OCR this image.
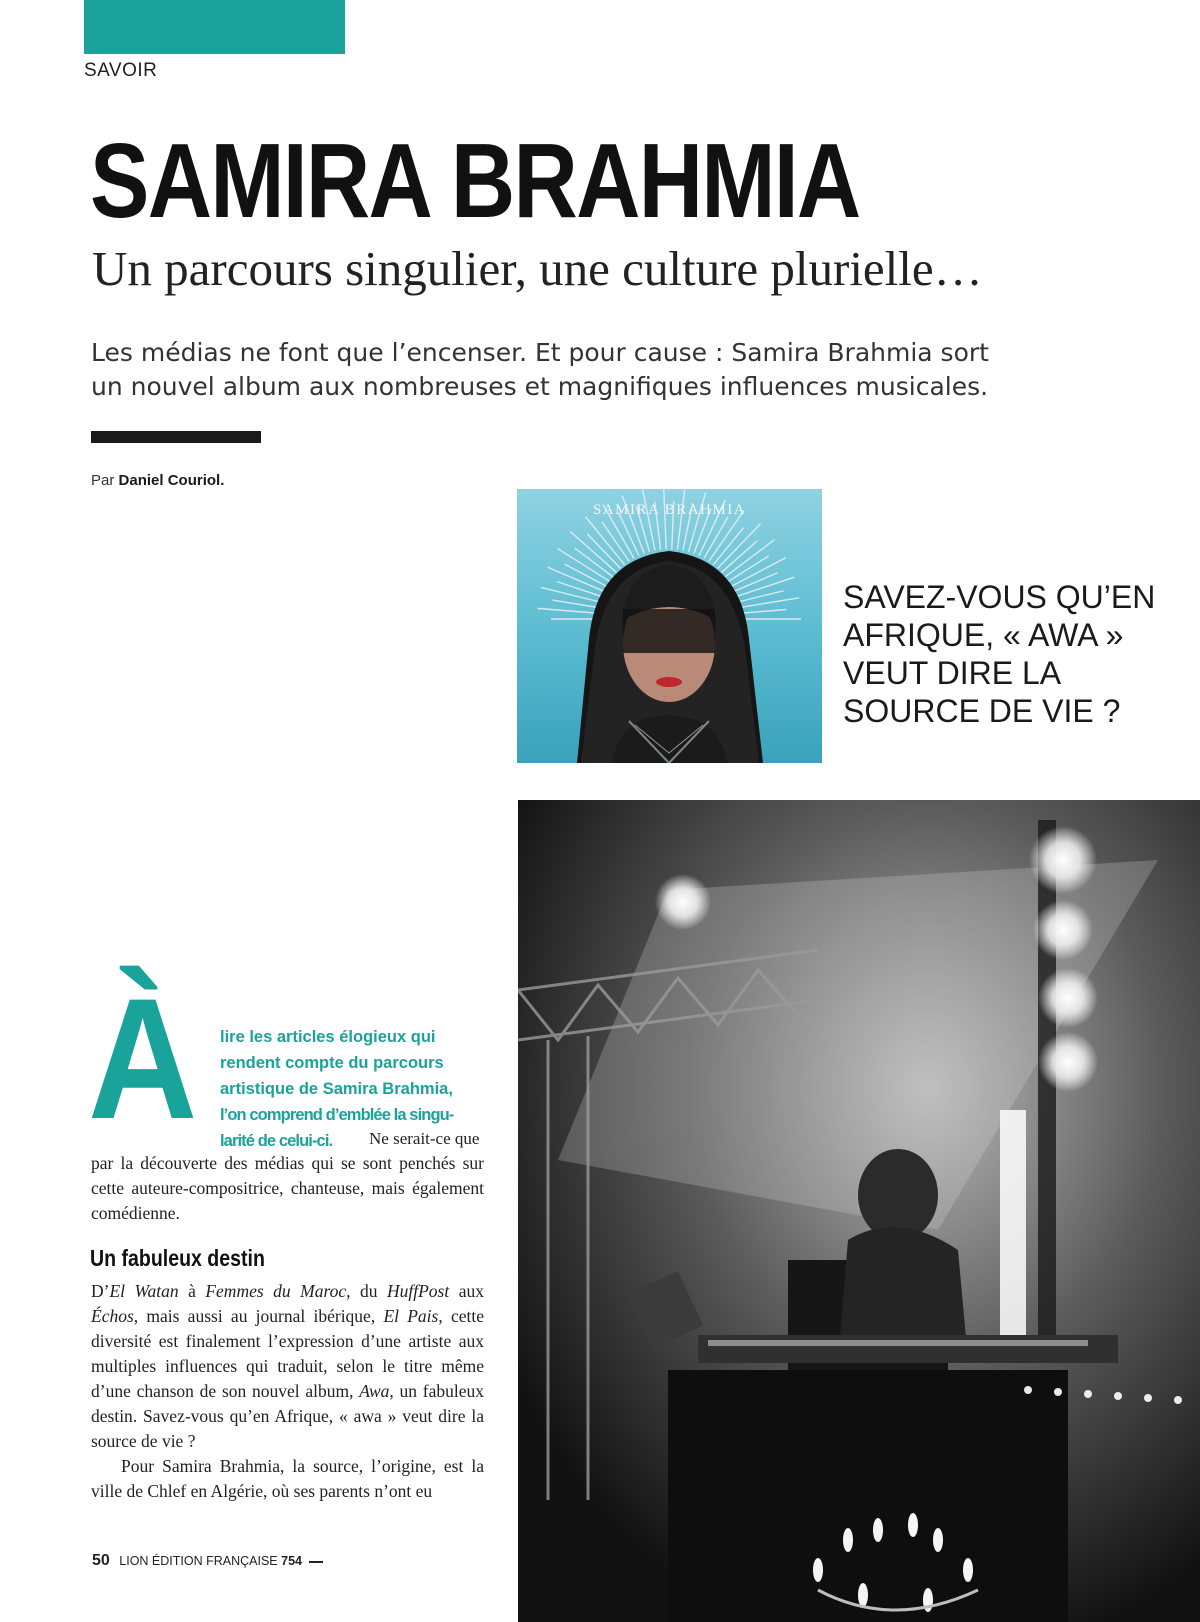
SAVOIR
SAMIRA BRAHMIA
Un parcours singulier, une culture plurielle…

Les médias ne font que l’encenser. Et pour cause : Samira Brahmia sort un nouvel album aux nombreuses et magnifiques influences musicales.

Par Daniel Couriol.
SAMIRA BRAHMIA

SAVEZ-VOUS QU’EN AFRIQUE, « AWA » VEUT DIRE LA SOURCE DE VIE ?

À lire les articles élogieux qui
rendent compte du parcours
artistique de Samira Brahmia,
l’on comprend d’emblée la singu-
larité de celui-ci.	Ne serait-ce que

par la découverte des médias qui se sont penchés sur cette auteure-compositrice, chanteuse, mais également comédienne.

Un fabuleux destin

D’El Watan à Femmes du Maroc, du HuffPost aux Échos, mais aussi au journal ibérique, El Pais, cette diversité est finalement l’expression d’une artiste aux multiples influences qui traduit, selon le titre même d’une chanson de son nouvel album, Awa, un fabuleux destin. Savez-vous qu’en Afrique, « awa » veut dire la source de vie ?

Pour Samira Brahmia, la source, l’origine, est la ville de Chlef en Algérie, où ses parents n’ont eu

50 LION ÉDITION FRANÇAISE 754
